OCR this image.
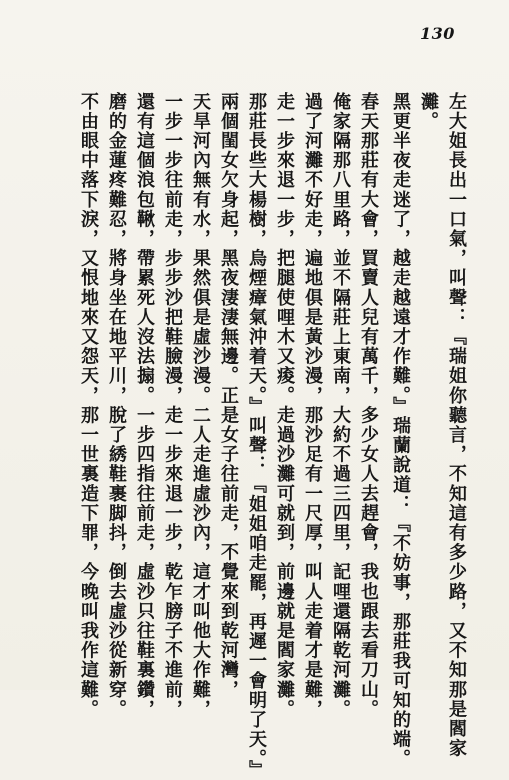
130

左大姐長出一口氣，叫聲：『瑞姐你聽言，不知這有多少路，又不知那是閻家

灘。

黑更半夜走迷了，越走越遠才作難。』瑞蘭說道：『不妨事，那莊我可知的端。

春天那莊有大會，買賣人兒有萬千，多少女人去趕會，我也跟去看刀山。

俺家隔那八里路，並不隔莊上東南，大約不過三四里，記哩還隔乾河灘。

過了河灘不好走，遍地俱是黃沙漫，那沙足有一尺厚，叫人走着才是難，

走一步來退一步，把腿使哩木又痠。走過沙灘可就到，前邊就是閻家灘。

那莊長些大楊樹，烏煙瘴氣沖着天。』叫聲：『姐姐咱走罷，再遲一會明了天。』

兩個閨女欠身起，黑夜淒淒無邊。正是女子往前走，不覺來到乾河灣，

天旱河內無有水，果然俱是虛沙漫。二人走進虛沙內，這才叫他大作難，

一步一步往前走，步步沙把鞋臉漫，走一步來退一步，乾乍膀子不進前，

還有這個浪包鞦，帶累死人沒法搧。一步四指往前走，虛沙只往鞋裏鑽，

磨的金蓮疼難忍，將身坐在地平川，脫了綉鞋裹脚抖，倒去虛沙從新穿。

不由眼中落下淚，又恨地來又怨天，那一世裏造下罪，今晚叫我作這難。
